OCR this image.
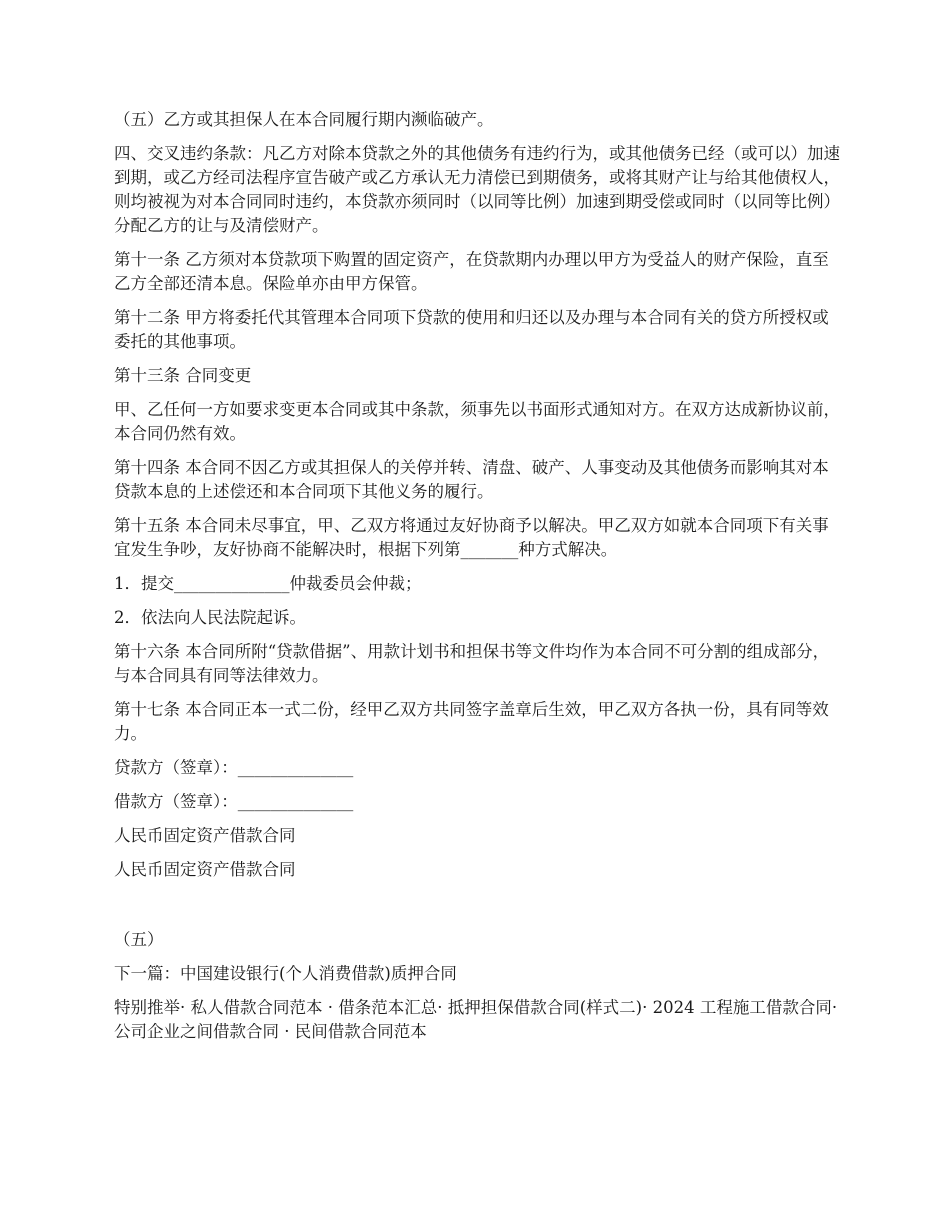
（五）乙方或其担保人在本合同履行期内濒临破产。

四、交叉违约条款：凡乙方对除本贷款之外的其他债务有违约行为，或其他债务已经（或可以）加速到期，或乙方经司法程序宣告破产或乙方承认无力清偿已到期债务，或将其财产让与给其他债权人，则均被视为对本合同同时违约，本贷款亦须同时（以同等比例）加速到期受偿或同时（以同等比例）分配乙方的让与及清偿财产。

第十一条 乙方须对本贷款项下购置的固定资产，在贷款期内办理以甲方为受益人的财产保险，直至乙方全部还清本息。保险单亦由甲方保管。

第十二条 甲方将委托代其管理本合同项下贷款的使用和归还以及办理与本合同有关的贷方所授权或委托的其他事项。

第十三条 合同变更

甲、乙任何一方如要求变更本合同或其中条款，须事先以书面形式通知对方。在双方达成新协议前，本合同仍然有效。

第十四条 本合同不因乙方或其担保人的关停并转、清盘、破产、人事变动及其他债务而影响其对本贷款本息的上述偿还和本合同项下其他义务的履行。

第十五条 本合同未尽事宜，甲、乙双方将通过友好协商予以解决。甲乙双方如就本合同项下有关事宜发生争吵，友好协商不能解决时，根据下列第_______种方式解决。

1．提交______________仲裁委员会仲裁；

2．依法向人民法院起诉。

第十六条 本合同所附“贷款借据”、用款计划书和担保书等文件均作为本合同不可分割的组成部分，与本合同具有同等法律效力。

第十七条 本合同正本一式二份，经甲乙双方共同签字盖章后生效，甲乙双方各执一份，具有同等效力。

贷款方（签章）：______________

借款方（签章）：______________

人民币固定资产借款合同

人民币固定资产借款合同

（五）

下一篇：中国建设银行(个人消费借款)质押合同

特别推举· 私人借款合同范本 · 借条范本汇总· 抵押担保借款合同(样式二)· 2024 工程施工借款合同· 公司企业之间借款合同 · 民间借款合同范本
